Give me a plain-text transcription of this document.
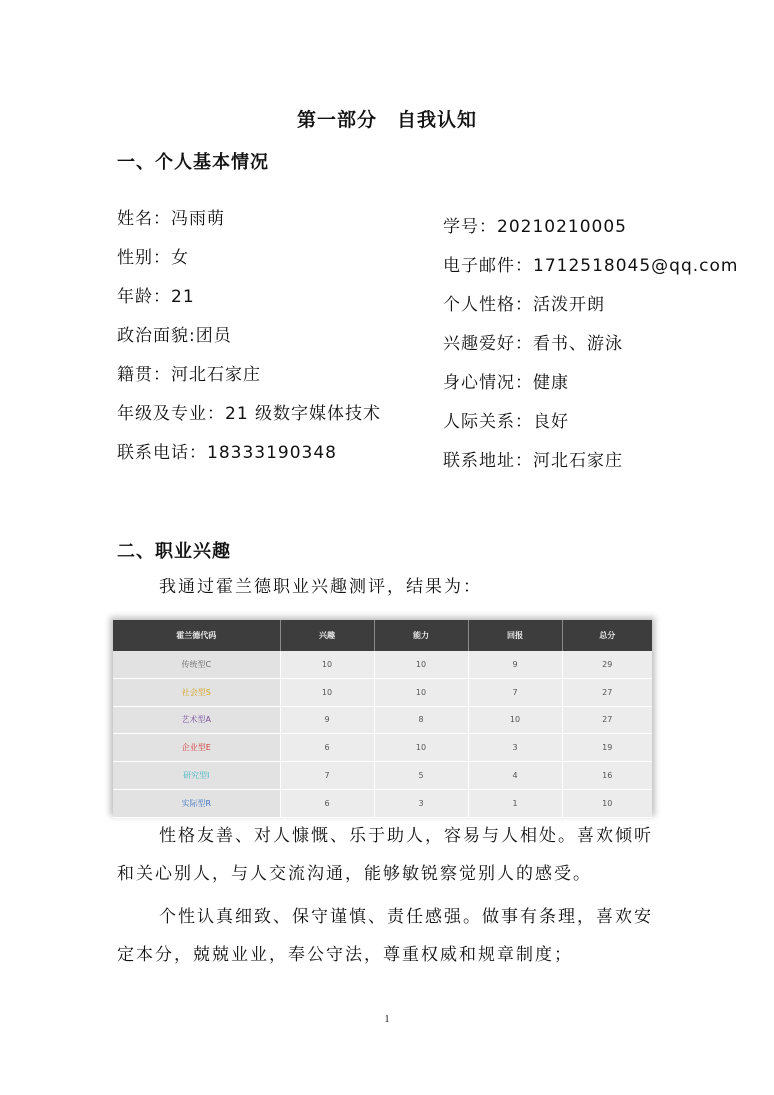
第一部分　自我认知
一、个人基本情况
姓名：冯雨萌
性别：女
年龄：21
政治面貌:团员
籍贯：河北石家庄
年级及专业：21 级数字媒体技术
联系电话：18333190348
学号：20210210005
电子邮件：1712518045@qq.com
个人性格：活泼开朗
兴趣爱好：看书、游泳
身心情况：健康
人际关系：良好
联系地址：河北石家庄
二、职业兴趣
我通过霍兰德职业兴趣测评，结果为：
霍兰德代码	兴趣	能力	回报	总分
传统型C	10	10	9	29
社会型S	10	10	7	27
艺术型A	9	8	10	27
企业型E	6	10	3	19
研究型I	7	5	4	16
实际型R	6	3	1	10
性格友善、对人慷慨、乐于助人，容易与人相处。喜欢倾听和关心别人，与人交流沟通，能够敏锐察觉别人的感受。
个性认真细致、保守谨慎、责任感强。做事有条理，喜欢安定本分，兢兢业业，奉公守法，尊重权威和规章制度；
1
